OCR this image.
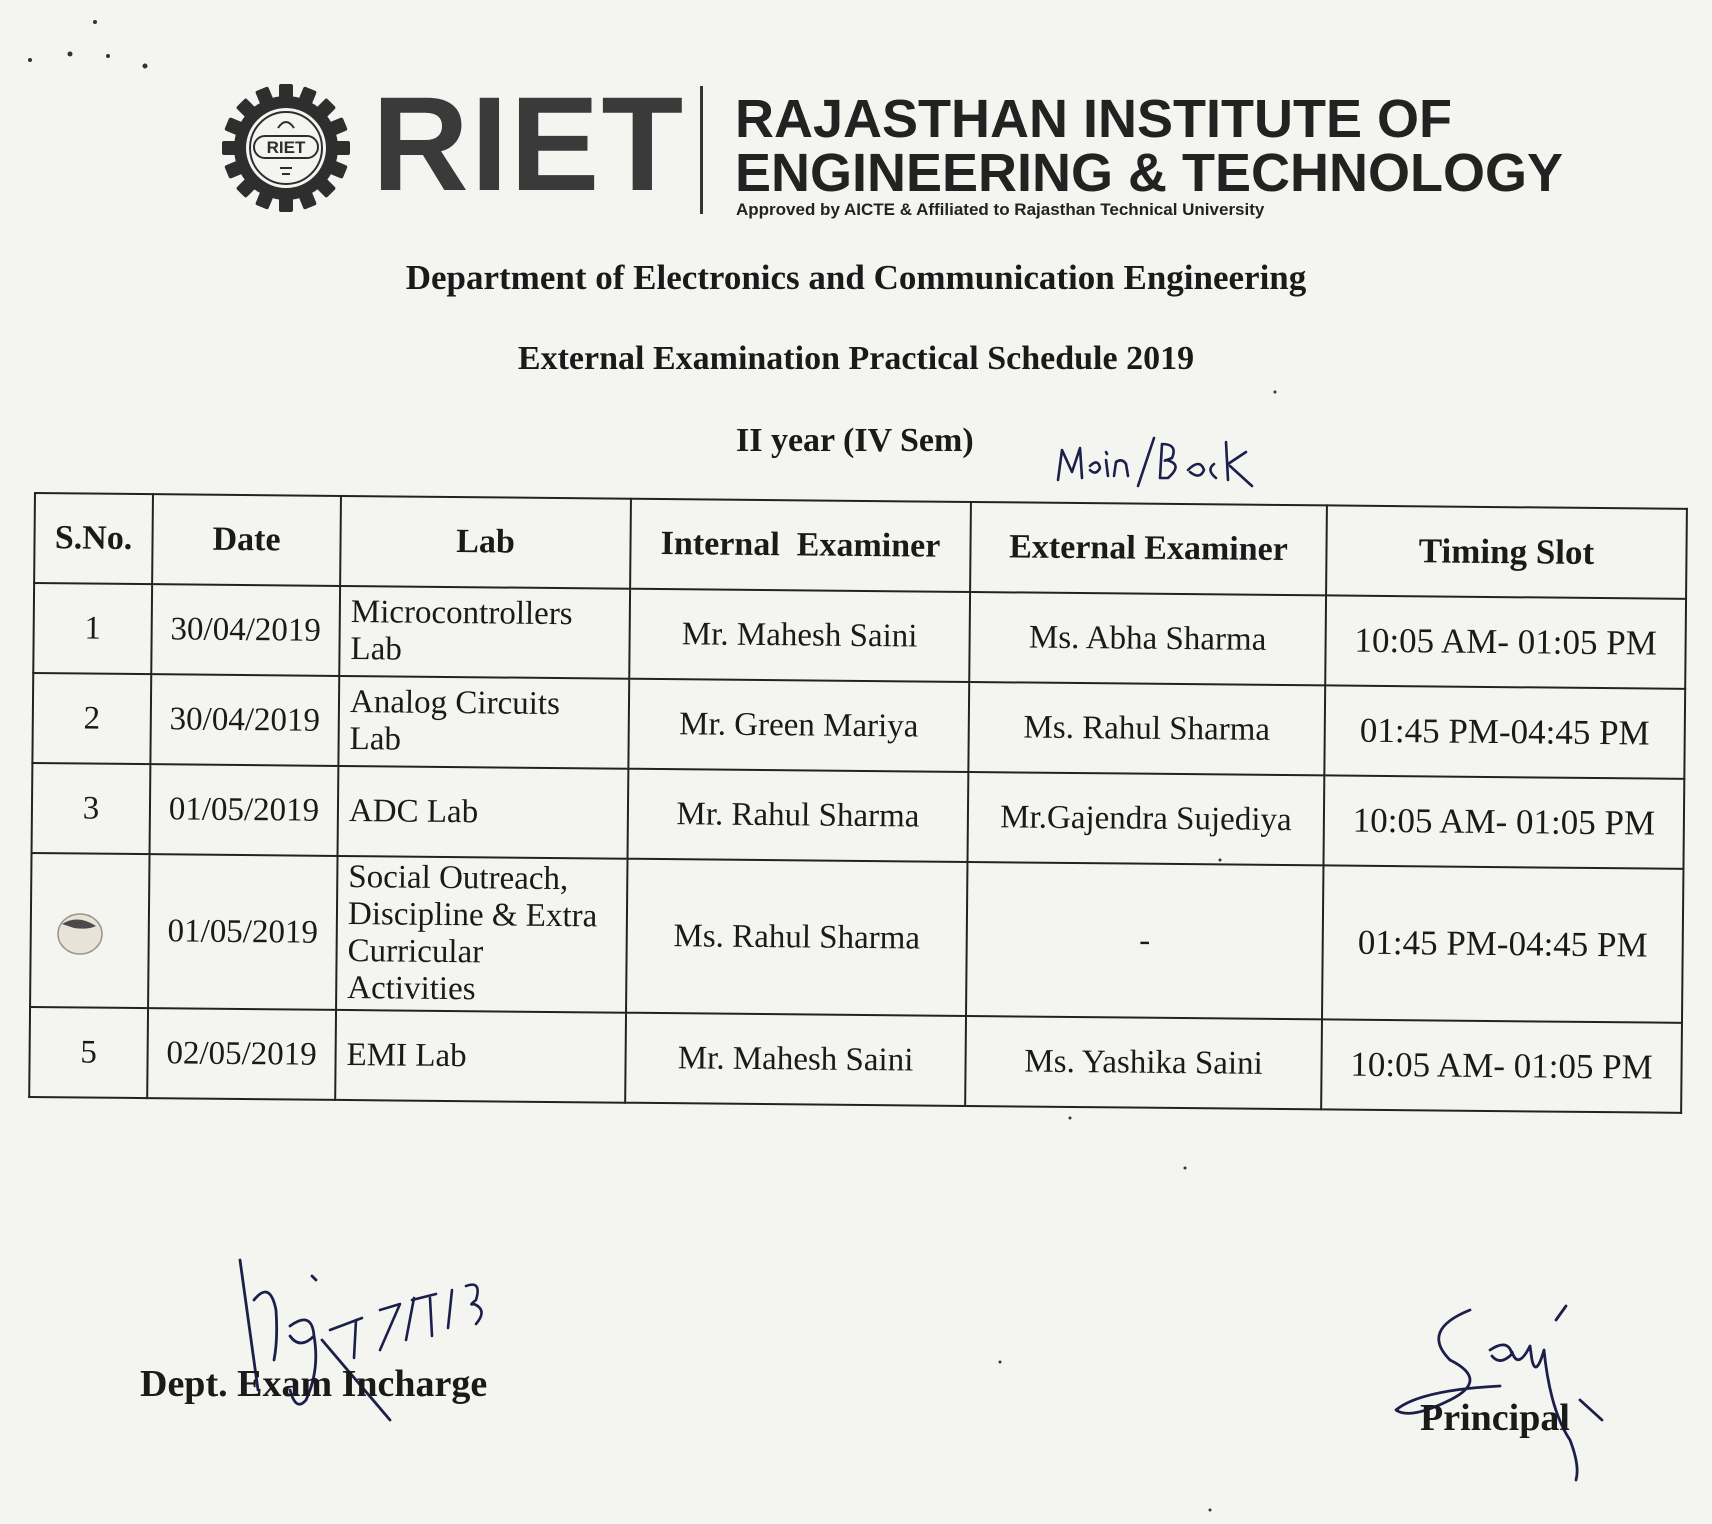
RIET RIET RAJASTHAN INSTITUTE OF
ENGINEERING & TECHNOLOGY
Approved by AICTE & Affiliated to Rajasthan Technical University
Department of Electronics and Communication Engineering
External Examination Practical Schedule 2019
II year (IV Sem)
S.No.	Date	Lab	Internal  Examiner	External Examiner	Timing Slot
1	30/04/2019	Microcontrollers Lab	Mr. Mahesh Saini	Ms. Abha Sharma	10:05 AM- 01:05 PM
2	30/04/2019	Analog Circuits Lab	Mr. Green Mariya	Ms. Rahul Sharma	01:45 PM-04:45 PM
3	01/05/2019	ADC Lab	Mr. Rahul Sharma	Mr.Gajendra Sujediya	10:05 AM- 01:05 PM
	01/05/2019	Social Outreach, Discipline & Extra Curricular Activities	Ms. Rahul Sharma	-	01:45 PM-04:45 PM
5	02/05/2019	EMI Lab	Mr. Mahesh Saini	Ms. Yashika Saini	10:05 AM- 01:05 PM
Dept. Exam Incharge
Principal
